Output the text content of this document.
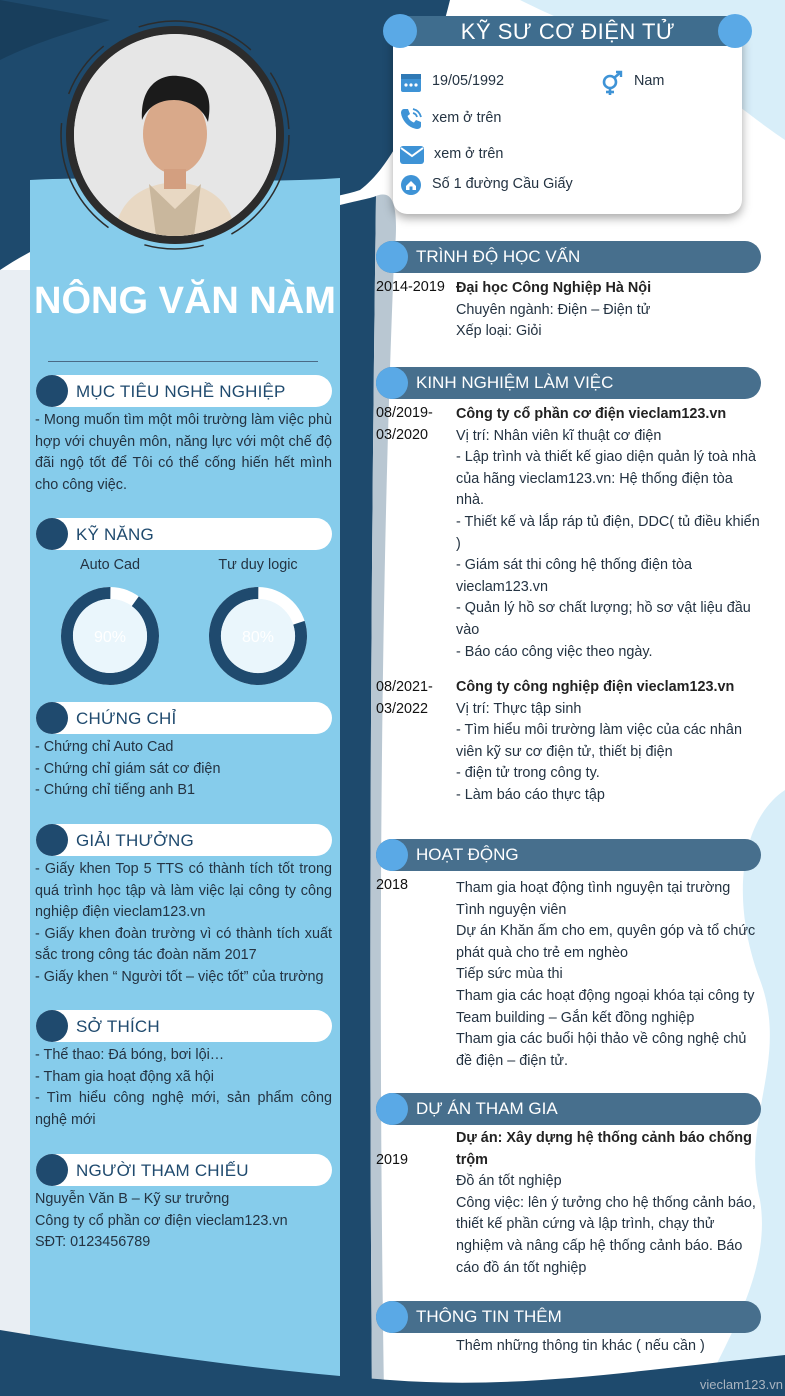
NÔNG VĂN NÀM
KỸ SƯ CƠ ĐIỆN TỬ
19/05/1992	Nam
xem ở trên
xem ở trên
Số 1 đường Cầu Giấy
MỤC TIÊU NGHỀ NGHIỆP
- Mong muốn tìm một môi trường làm việc phù hợp với chuyên môn, năng lực với một chế độ đãi ngộ tốt để Tôi có thể cống hiến hết mình cho công việc.
KỸ NĂNG
Auto Cad
90%
Tư duy logic
80%
CHỨNG CHỈ

- Chứng chỉ Auto Cad

- Chứng chỉ giám sát cơ điện

- Chứng chỉ tiếng anh B1

GIẢI THƯỞNG

- Giấy khen Top 5 TTS có thành tích tốt trong quá trình học tập và làm việc lại công ty công nghiệp điện vieclam123.vn

- Giấy khen đoàn trường vì có thành tích xuất sắc trong công tác đoàn năm 2017

- Giấy khen “ Người tốt – việc tốt” của trường

SỞ THÍCH

- Thể thao: Đá bóng, bơi lội…

- Tham gia hoạt động xã hội

- Tìm hiểu công nghệ mới, sản phẩm công nghệ mới

NGƯỜI THAM CHIẾU

Nguyễn Văn B – Kỹ sư trưởng

Công ty cổ phần cơ điện vieclam123.vn

SĐT: 0123456789

TRÌNH ĐỘ HỌC VẤN
2014-2019 Đại học Công Nghiệp Hà Nội

Chuyên ngành: Điện – Điện tử

Xếp loại: Giỏi

KINH NGHIỆM LÀM VIỆC

08/2019-

03/2020

Công ty cổ phần cơ điện vieclam123.vn

Vị trí: Nhân viên kĩ thuật cơ điện

- Lập trình và thiết kế giao diện quản lý toà nhà của hãng vieclam123.vn: Hệ thống điện tòa nhà.

- Thiết kế và lắp ráp tủ điện, DDC( tủ điều khiển )

- Giám sát thi công hệ thống điện tòa vieclam123.vn

- Quản lý hồ sơ chất lượng; hồ sơ vật liệu đầu vào

- Báo cáo công việc theo ngày.

08/2021-

03/2022

Công ty công nghiệp điện vieclam123.vn

Vị trí: Thực tập sinh

- Tìm hiểu môi trường làm việc của các nhân viên kỹ sư cơ điện tử, thiết bị điện

- điện tử trong công ty.

- Làm báo cáo thực tập

HOẠT ĐỘNG
2018	Tham gia hoạt động tình nguyện tại trường

Tình nguyện viên

Dự án Khăn ấm cho em, quyên góp và tổ chức phát quà cho trẻ em nghèo

Tiếp sức mùa thi

Tham gia các hoạt động ngoại khóa tại công ty

Team building – Gắn kết đồng nghiệp

Tham gia các buổi hội thảo về công nghệ chủ đề điện – điện tử.

DỰ ÁN THAM GIA
2019

Dự án: Xây dựng hệ thống cảnh báo chống trộm

Đồ án tốt nghiệp

Công việc: lên ý tưởng cho hệ thống cảnh báo, thiết kế phần cứng và lập trình, chạy thử nghiệm và nâng cấp hệ thống cảnh báo. Báo cáo đồ án tốt nghiệp

THÔNG TIN THÊM
Thêm những thông tin khác ( nếu cần )
vieclam123.vn
